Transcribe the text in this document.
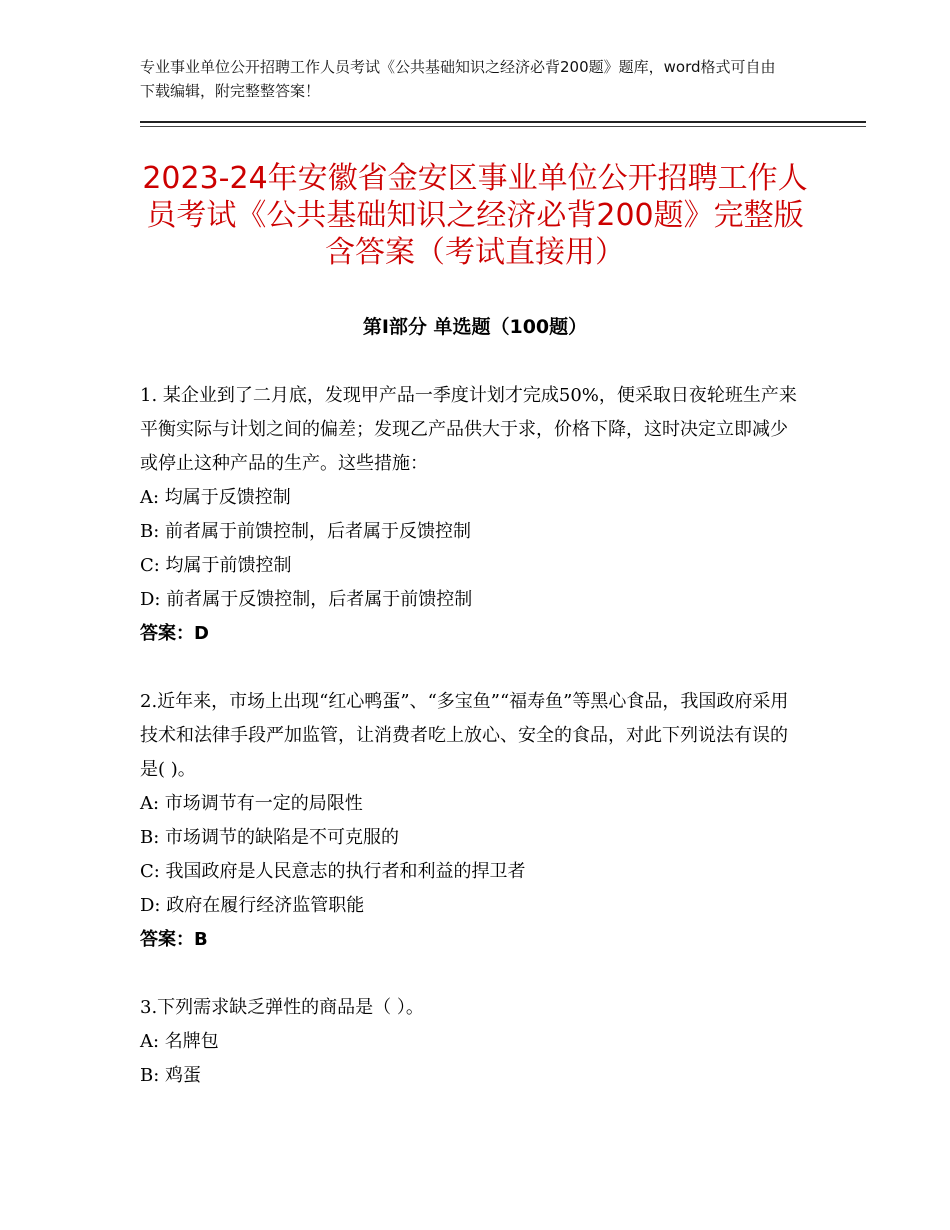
专业事业单位公开招聘工作人员考试《公共基础知识之经济必背200题》题库，word格式可自由下载编辑，附完整整答案！
2023-24年安徽省金安区事业单位公开招聘工作人员考试《公共基础知识之经济必背200题》完整版含答案（考试直接用）
第Ⅰ部分 单选题（100题）

1. 某企业到了二月底，发现甲产品一季度计划才完成50%，便采取日夜轮班生产来平衡实际与计划之间的偏差；发现乙产品供大于求，价格下降，这时决定立即减少或停止这种产品的生产。这些措施：

A: 均属于反馈控制

B: 前者属于前馈控制，后者属于反馈控制

C: 均属于前馈控制

D: 前者属于反馈控制，后者属于前馈控制

答案：D

2.近年来，市场上出现“红心鸭蛋”、“多宝鱼”“福寿鱼”等黑心食品，我国政府采用技术和法律手段严加监管，让消费者吃上放心、安全的食品，对此下列说法有误的是( )。

A: 市场调节有一定的局限性

B: 市场调节的缺陷是不可克服的

C: 我国政府是人民意志的执行者和利益的捍卫者

D: 政府在履行经济监管职能

答案：B

3.下列需求缺乏弹性的商品是（ ）。

A: 名牌包

B: 鸡蛋
